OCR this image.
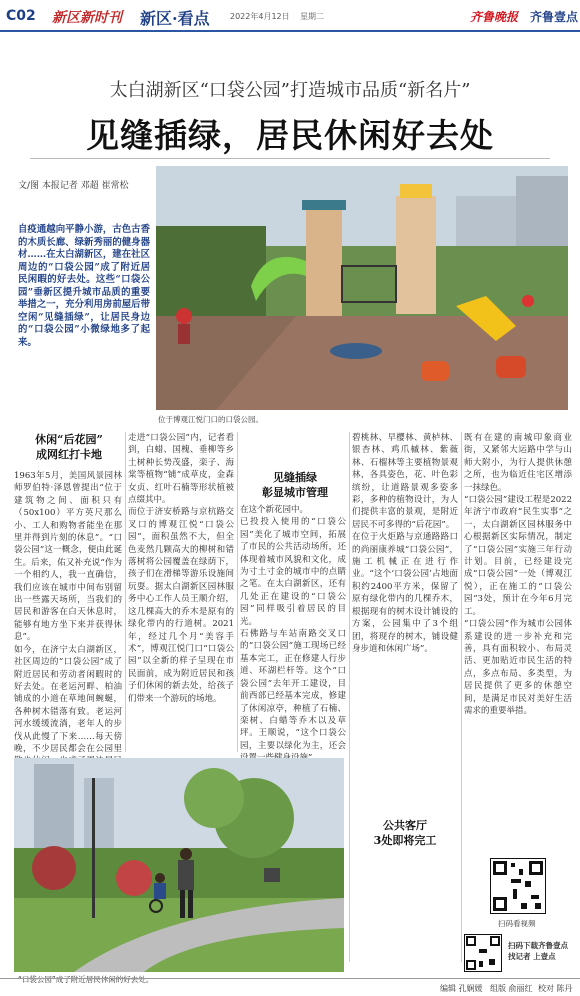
C02 新区新时刊 新区·看点	2022年4月12日 星期二	齐鲁晚报 齐鲁壹点
太白湖新区“口袋公园”打造城市品质“新名片”
见缝插绿，居民休闲好去处
文/图 本报记者 邓超 崔常松
自疫通越向平静小游，古色古香的木质长廊、绿新秀丽的健身器材……在太白湖新区，建在社区周边的“口袋公园”成了附近居民闲暇的好去处。这些“口袋公园”垂新区提升城市品质的重要举措之一，充分利用房前屋后带空闲“见缝插绿”，让居民身边的“口袋公园”小微绿地多了起来。
位于博观江悦门口的口袋公园。
休闲“后花园”
成网红打卡地
见缝插绿
彰显城市管理
公共客厅
3处即将完工
1963年5月，美国风景园林师罗伯特·泽恩曾提出“位于建筑物之间、面积只有（50x100）平方英尺那么小、工人和购物者能坐在那里并得到片刻的休息”。“口袋公园”这一概念，便由此诞生。后来，佑又补充说“作为一个相约人，我一直确信，我们应该在城市中间布别留出一些露天场所，当我们的居民和游客在白天休息时，能够有地方坐下来并获得休息”。
如今，在济宁太白湖新区，社区周边的“口袋公园”成了附近居民和劳动者闲暇时的好去处。在老运河畔、柏油铺成的小道在草地间蜿蜒，各种树木错落有致。老运河河水缓缓流淌，老年人的步伐从此慢了下来……每天傍晚，不少居民都会在公园里
走进“口袋公园”内，记者看到，白蜡、国槐、垂柳等乡土树种长势茂盛，栾子、海棠等植物“铺”成草皮，金森女贞、红叶石楠等形状植被点缀其中。
而位于济安桥路与京杭路交叉口的博观江悦“口袋公园”，面积虽然不大，但全色麦然几颗高大的柳树和错落树将公园覆盖在绿荫下，孩子们在滑梯等游乐设施间玩耍。据太白湖新区园林服务中心工作人员王顺介绍，这几棵高大的乔木是原有的绿化带内的行道树。2021年，经过几个月“美容手术”，博观江悦门口“口袋公园”以全新的样子呈现在市民面前，成为附近居民和孩子们休闲的新去处，给孩子们带来一个游玩的场地。
在这个新花园中。
已投投入使用的“口袋公园”美化了城市空间，拓展了市民的公共活动场所，还体现着城市风貌和文化，成为寸土寸金的城市中的点睛之笔。在太白湖新区，还有几处正在建设的“口袋公园”同样吸引着居民的目光。
石佛路与车站南路交叉口的“口袋公园”施工现场已经基本完工，正在修建人行步道、环湖栏杆等。这个“口袋公园”去年开工建设，目前西部已经基本完成，修建了休闲凉亭，种植了石楠、栾树、白蜡等乔木以及草坪。王顺说，“这个口袋公园，主要以绿化为主，还会
碧桃林、早樱林、黄栌林、银杏林、鸡爪槭林、紫薇林、石榴林等主要植物景观林，各具姿色，花、叶色彩缤纷，让道路景观多姿多彩，多种的植物设计，为人们提供丰富的景观，是附近居民不可多得的“后花园”。
在位于火炬路与京通路路口的尚丽康养城“口袋公园”，施工机械正在进行作业。“这个‘口袋公园’占地面积约2400平方米，保留了原有绿化带内的几棵乔木，根据现有的树木设计铺设的方案，公园集中了3个组团，将现存的树木，铺设健身步道和休闲广场”。
既有在建的南城印象商业街，又紧邻大运路中学与山师大附小，为行人提供休憩之所，也为临近住宅区增添一抹绿色。
“口袋公园”建设工程是2022年济宁市政府“民生实事”之一，太白湖新区园林服务中心根据新区实际情况，制定了“口袋公园”实施三年行动计划。目前，已经建设完成“口袋公园”一处（博观江悦），正在施工的“口袋公园”3处，预计在今年6月完工。
“口袋公园”作为城市公园体系建设的进一步补充和完善，具有面积较小、布局灵活、更加贴近市民生活的特点，多点布局、多类型，为居民提供了更多的休憩空间，是满足市民对美好生活需求的重要举措。
“口袋公园”成了附近居民休闲的好去处。
扫码看视频
扫码下载齐鲁壹点
找记者 上壹点
编辑 孔娴媛 组版 俞丽红 校对 陈丹
